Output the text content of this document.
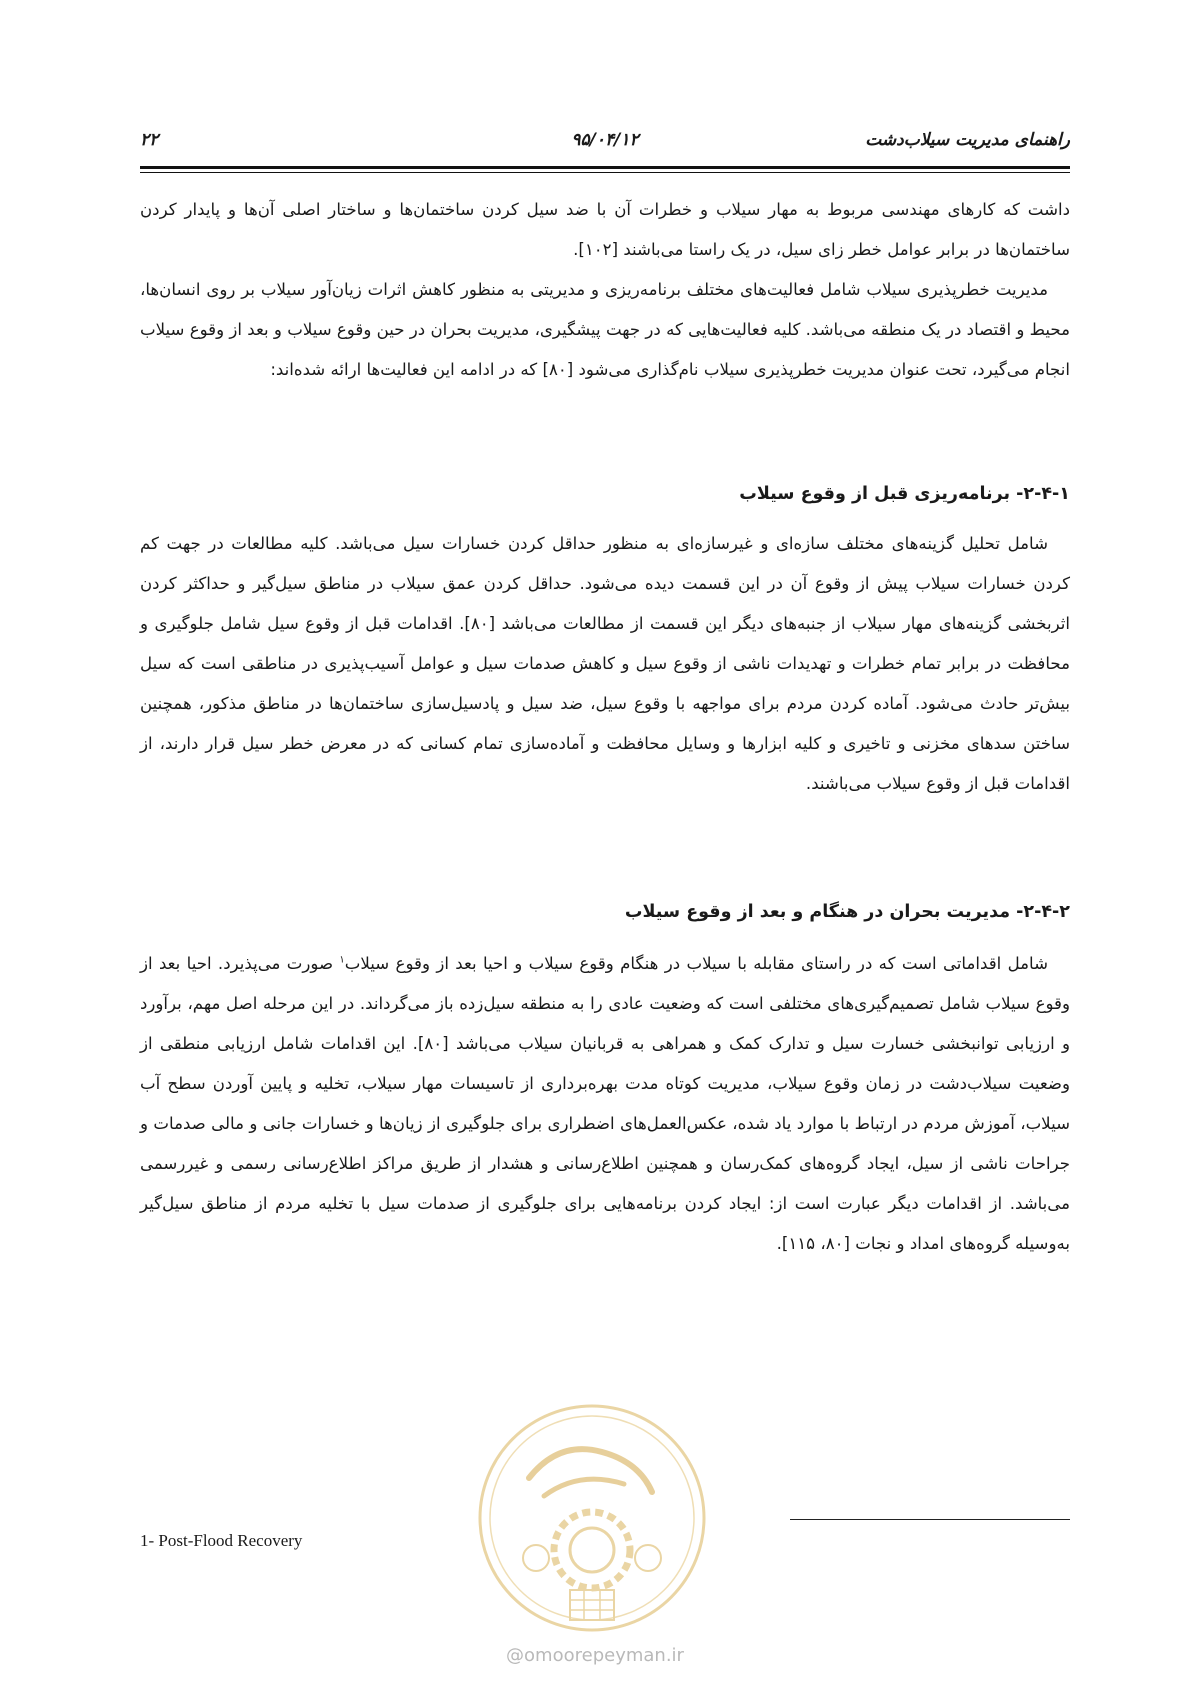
راهنمای مدیریت سیلاب‌دشت
۹۵/۰۴/۱۲
۲۲

داشت که کارهای مهندسی مربوط به مهار سیلاب و خطرات آن با ضد سیل کردن ساختمان‌ها و ساختار اصلی آن‌ها و پایدار کردن ساختمان‌ها در برابر عوامل خطر زای سیل، در یک راستا می‌باشند [۱۰۲].

مدیریت خطرپذیری سیلاب شامل فعالیت‌های مختلف برنامه‌ریزی و مدیریتی به منظور کاهش اثرات زیان‌آور سیلاب بر روی انسان‌ها، محیط و اقتصاد در یک منطقه می‌باشد. کلیه فعالیت‌هایی که در جهت پیشگیری، مدیریت بحران در حین وقوع سیلاب و بعد از وقوع سیلاب انجام می‌گیرد، تحت عنوان مدیریت خطرپذیری سیلاب نام‌گذاری می‌شود [۸۰] که در ادامه این فعالیت‌ها ارائه شده‌اند:

۲-۴-۱- برنامه‌ریزی قبل از وقوع سیلاب

شامل تحلیل گزینه‌های مختلف سازه‌ای و غیرسازه‌ای به منظور حداقل کردن خسارات سیل می‌باشد. کلیه مطالعات در جهت کم کردن خسارات سیلاب پیش از وقوع آن در این قسمت دیده می‌شود. حداقل کردن عمق سیلاب در مناطق سیل‌گیر و حداکثر کردن اثربخشی گزینه‌های مهار سیلاب از جنبه‌های دیگر این قسمت از مطالعات می‌باشد [۸۰]. اقدامات قبل از وقوع سیل شامل جلوگیری و محافظت در برابر تمام خطرات و تهدیدات ناشی از وقوع سیل و کاهش صدمات سیل و عوامل آسیب‌پذیری در مناطقی است که سیل بیش‌تر حادث می‌شود. آماده کردن مردم برای مواجهه با وقوع سیل، ضد سیل و پادسیل‌سازی ساختمان‌ها در مناطق مذکور، همچنین ساختن سدهای مخزنی و تاخیری و کلیه ابزارها و وسایل محافظت و آماده‌سازی تمام کسانی که در معرض خطر سیل قرار دارند، از اقدامات قبل از وقوع سیلاب می‌باشند.

۲-۴-۲- مدیریت بحران در هنگام و بعد از وقوع سیلاب

شامل اقداماتی است که در راستای مقابله با سیلاب در هنگام وقوع سیلاب و احیا بعد از وقوع سیلاب$^۱$ صورت می‌پذیرد. احیا بعد از وقوع سیلاب شامل تصمیم‌گیری‌های مختلفی است که وضعیت عادی را به منطقه سیل‌زده باز می‌گرداند. در این مرحله اصل مهم، برآورد و ارزیابی توانبخشی خسارت سیل و تدارک کمک و همراهی به قربانیان سیلاب می‌باشد [۸۰]. این اقدامات شامل ارزیابی منطقی از وضعیت سیلاب‌دشت در زمان وقوع سیلاب، مدیریت کوتاه مدت بهره‌برداری از تاسیسات مهار سیلاب، تخلیه و پایین آوردن سطح آب سیلاب، آموزش مردم در ارتباط با موارد یاد شده، عکس‌العمل‌های اضطراری برای جلوگیری از زیان‌ها و خسارات جانی و مالی صدمات و جراحات ناشی از سیل، ایجاد گروه‌های کمک‌رسان و همچنین اطلاع‌رسانی و هشدار از طریق مراکز اطلاع‌رسانی رسمی و غیررسمی می‌باشد. از اقدامات دیگر عبارت است از: ایجاد کردن برنامه‌هایی برای جلوگیری از صدمات سیل با تخلیه مردم از مناطق سیل‌گیر به‌وسیله گروه‌های امداد و نجات [۸۰، ۱۱۵].

1- Post-Flood Recovery
@omoorepeyman.ir
